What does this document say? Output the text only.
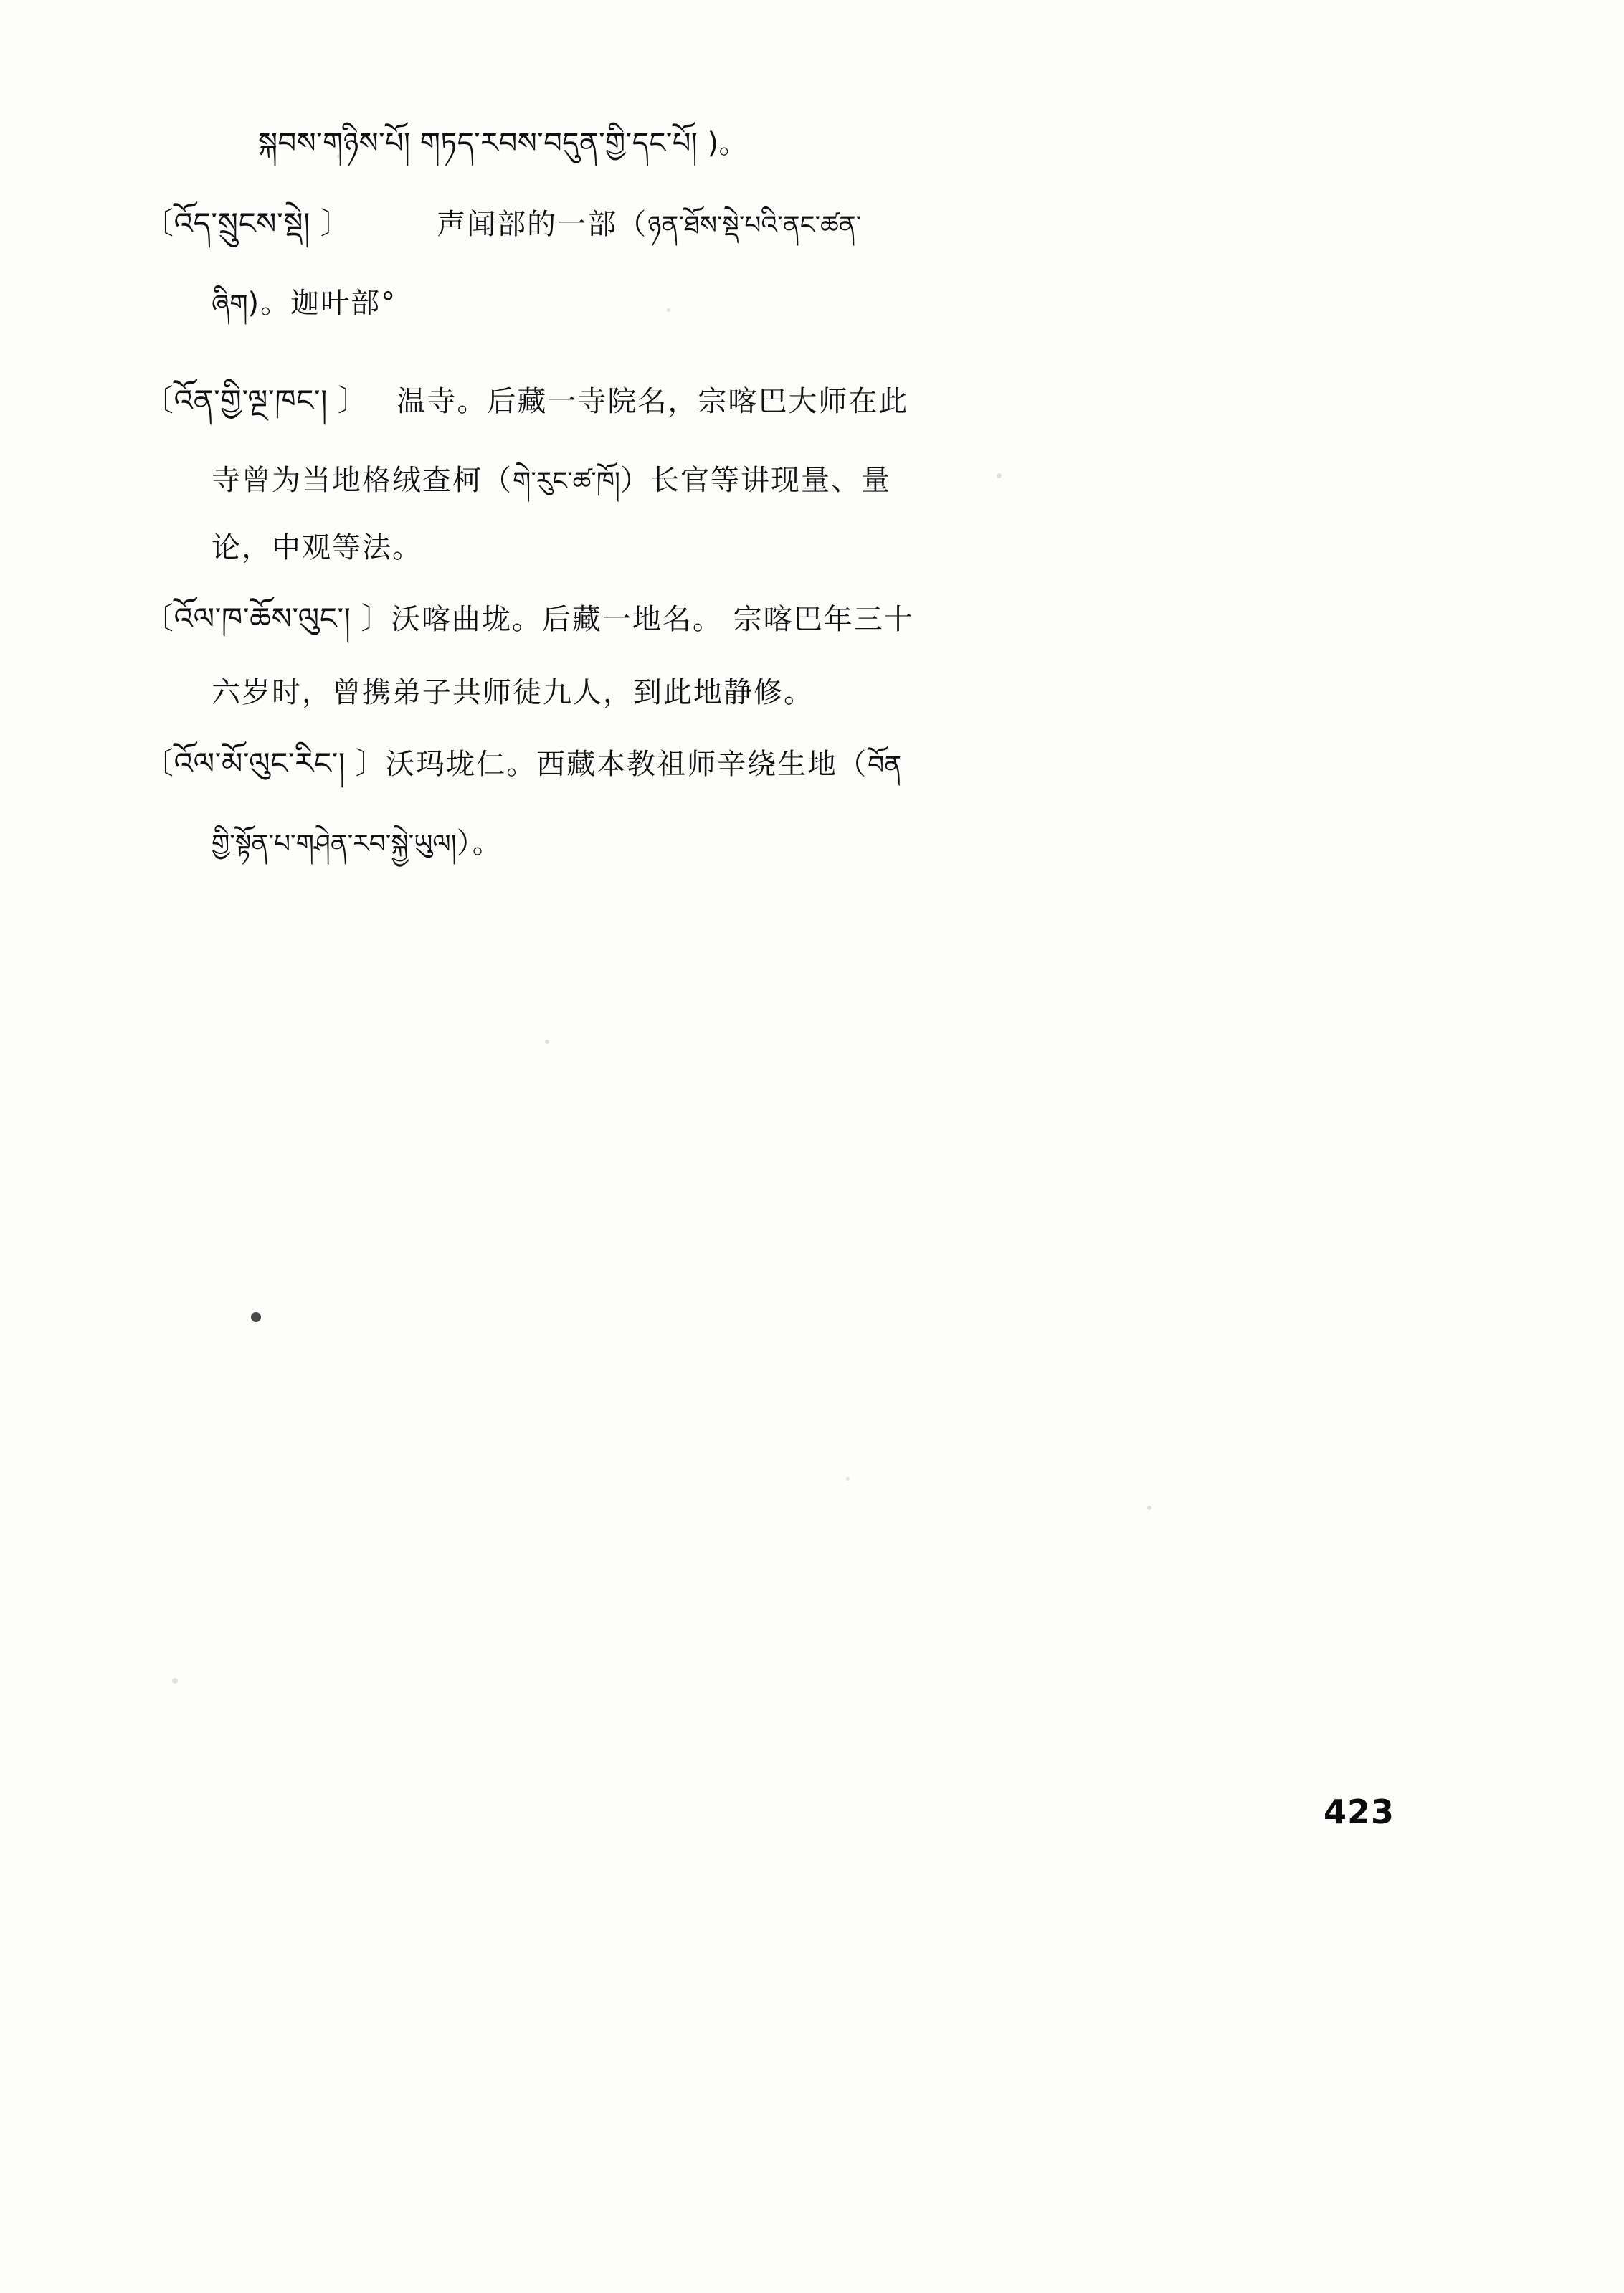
སྐབས་གཉིས་པོ། གཏད་རབས་བདུན་གྱི་དང་པོ། )。
〔འོད་སྲུངས་སྡེ། 〕	声闻部的一部（ ཉན་ཐོས་སྡེ་པའི་ནང་ཚན་
ཞིག )。迦叶部°
〔འོན་གྱི་ལྔ་ཁང་། 〕 温寺。后藏一寺院名，宗喀巴大师在此
寺曾为当地格绒查柯（ གེ་རུང་ཚ་ཁོ། ）长官等讲现量、量
论，中观等法。
〔འོལ་ཁ་ཆོས་ལུང་། 〕 沃喀曲垅。后藏一地名。 宗喀巴年三十
六岁时，曾携弟子共师徒九人，到此地静修。
〔འོལ་མོ་ལུང་རིང་། 〕 沃玛垅仁。西藏本教祖师辛绕生地（ བོན
གྱི་སྟོན་པ་གཤེན་རབ་སྐྱེ་ཡུལ། ）。
423
